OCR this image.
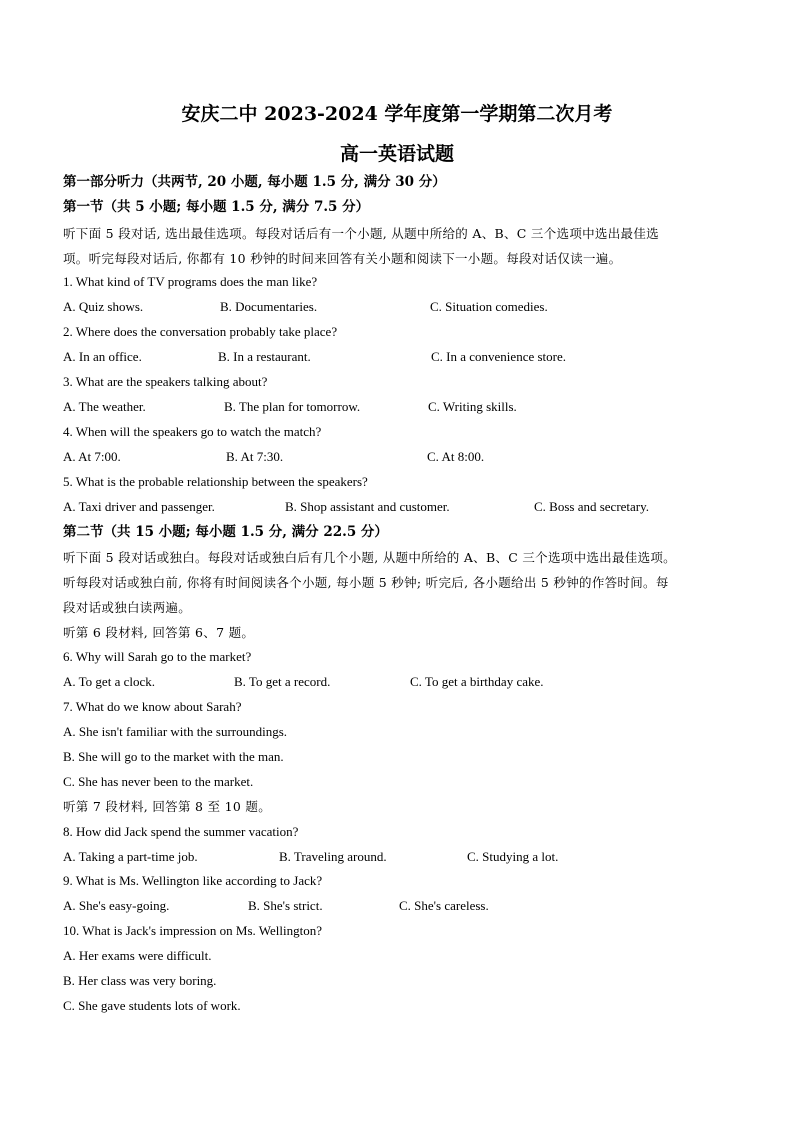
安庆二中 2023-2024 学年度第一学期第二次月考
高一英语试题
第一部分听力（共两节, 20 小题, 每小题 1.5 分, 满分 30 分）
第一节（共 5 小题; 每小题 1.5 分, 满分 7.5 分）
听下面 5 段对话, 选出最佳选项。每段对话后有一个小题, 从题中所给的 A、B、C 三个选项中选出最佳选
项。听完每段对话后, 你都有 10 秒钟的时间来回答有关小题和阅读下一小题。每段对话仅读一遍。
1. What kind of TV programs does the man like?
A. Quiz shows.	B. Documentaries.	C. Situation comedies.
2. Where does the conversation probably take place?
A. In an office.	B. In a restaurant.	C. In a convenience store.
3. What are the speakers talking about?
A. The weather.	B. The plan for tomorrow.	C. Writing skills.
4. When will the speakers go to watch the match?
A. At 7:00.	B. At 7:30.	C. At 8:00.
5. What is the probable relationship between the speakers?
A. Taxi driver and passenger.	B. Shop assistant and customer.	C. Boss and secretary.
第二节（共 15 小题; 每小题 1.5 分, 满分 22.5 分）
听下面 5 段对话或独白。每段对话或独白后有几个小题, 从题中所给的 A、B、C 三个选项中选出最佳选项。
听每段对话或独白前, 你将有时间阅读各个小题, 每小题 5 秒钟; 听完后, 各小题给出 5 秒钟的作答时间。每
段对话或独白读两遍。
听第 6 段材料, 回答第 6、7 题。
6. Why will Sarah go to the market?
A. To get a clock.	B. To get a record.	C. To get a birthday cake.
7. What do we know about Sarah?
A. She isn't familiar with the surroundings.
B. She will go to the market with the man.
C. She has never been to the market.
听第 7 段材料, 回答第 8 至 10 题。
8. How did Jack spend the summer vacation?
A. Taking a part-time job.	B. Traveling around.	C. Studying a lot.
9. What is Ms. Wellington like according to Jack?
A. She's easy-going.	B. She's strict.	C. She's careless.
10. What is Jack's impression on Ms. Wellington?
A. Her exams were difficult.
B. Her class was very boring.
C. She gave students lots of work.
